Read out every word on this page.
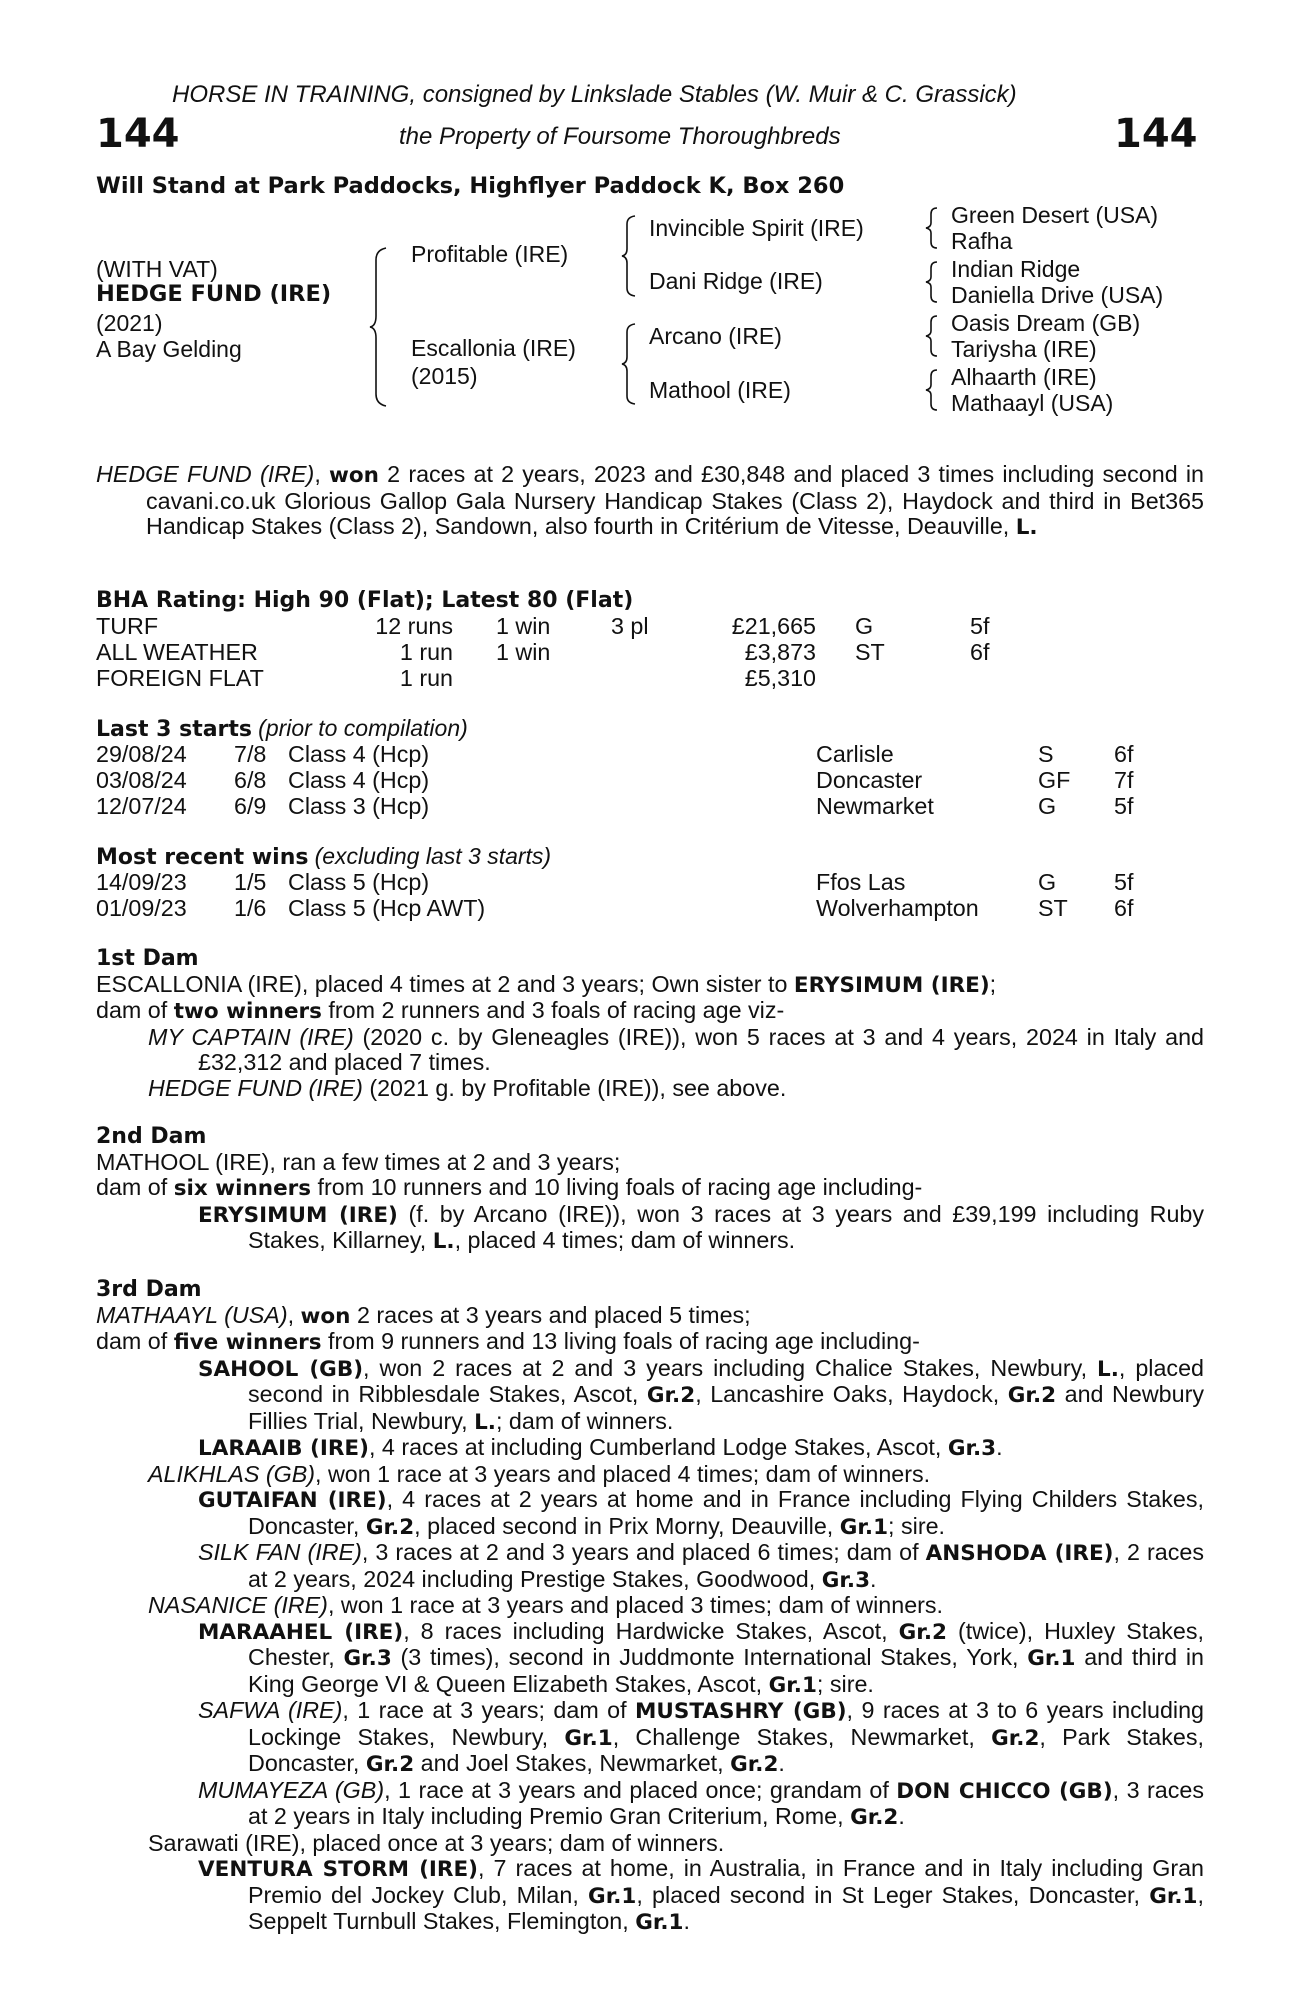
HORSE IN TRAINING, consigned by Linkslade Stables (W. Muir & C. Grassick)
144	the Property of Foursome Thoroughbreds	144
Will Stand at Park Paddocks, Highflyer Paddock K, Box 260
(WITH VAT)
HEDGE FUND (IRE)
(2021)
A Bay Gelding
Profitable (IRE)
Escallonia (IRE)
(2015)
Invincible Spirit (IRE)
Dani Ridge (IRE)
Arcano (IRE)
Mathool (IRE)
Green Desert (USA)
Rafha
Indian Ridge
Daniella Drive (USA)
Oasis Dream (GB)
Tariysha (IRE)
Alhaarth (IRE)
Mathaayl (USA)

HEDGE FUND (IRE), won 2 races at 2 years, 2023 and £30,848 and placed 3 times including second in cavani.co.uk Glorious Gallop Gala Nursery Handicap Stakes (Class 2), Haydock and third in Bet365 Handicap Stakes (Class 2), Sandown, also fourth in Critérium de Vitesse, Deauville, L.

BHA Rating: High 90 (Flat); Latest 80 (Flat)
TURF	12 runs 1 win	3 pl	£21,665 G	5f
ALL WEATHER	1 run 1 win	£3,873 ST	6f
FOREIGN FLAT	1 run	£5,310
Last 3 starts (prior to compilation)
29/08/24 7/8 Class 4 (Hcp)	Carlisle	S	6f
03/08/24 6/8 Class 4 (Hcp)	Doncaster	GF 7f
12/07/24 6/9 Class 3 (Hcp)	Newmarket	G 5f
Most recent wins (excluding last 3 starts)
14/09/23 1/5 Class 5 (Hcp)	Ffos Las	G 5f
01/09/23 1/6 Class 5 (Hcp AWT)	Wolverhampton	ST 6f

1st Dam

ESCALLONIA (IRE), placed 4 times at 2 and 3 years; Own sister to ERYSIMUM (IRE);

dam of two winners from 2 runners and 3 foals of racing age viz-

MY CAPTAIN (IRE) (2020 c. by Gleneagles (IRE)), won 5 races at 3 and 4 years, 2024 in Italy and £32,312 and placed 7 times.

HEDGE FUND (IRE) (2021 g. by Profitable (IRE)), see above.

2nd Dam

MATHOOL (IRE), ran a few times at 2 and 3 years;

dam of six winners from 10 runners and 10 living foals of racing age including-

ERYSIMUM (IRE) (f. by Arcano (IRE)), won 3 races at 3 years and £39,199 including Ruby Stakes, Killarney, L., placed 4 times; dam of winners.

3rd Dam

MATHAAYL (USA), won 2 races at 3 years and placed 5 times;

dam of five winners from 9 runners and 13 living foals of racing age including-

SAHOOL (GB), won 2 races at 2 and 3 years including Chalice Stakes, Newbury, L., placed second in Ribblesdale Stakes, Ascot, Gr.2, Lancashire Oaks, Haydock, Gr.2 and Newbury Fillies Trial, Newbury, L.; dam of winners.

LARAAIB (IRE), 4 races at including Cumberland Lodge Stakes, Ascot, Gr.3.

ALIKHLAS (GB), won 1 race at 3 years and placed 4 times; dam of winners.

GUTAIFAN (IRE), 4 races at 2 years at home and in France including Flying Childers Stakes, Doncaster, Gr.2, placed second in Prix Morny, Deauville, Gr.1; sire.

SILK FAN (IRE), 3 races at 2 and 3 years and placed 6 times; dam of ANSHODA (IRE), 2 races at 2 years, 2024 including Prestige Stakes, Goodwood, Gr.3.

NASANICE (IRE), won 1 race at 3 years and placed 3 times; dam of winners.

MARAAHEL (IRE), 8 races including Hardwicke Stakes, Ascot, Gr.2 (twice), Huxley Stakes, Chester, Gr.3 (3 times), second in Juddmonte International Stakes, York, Gr.1 and third in King George VI & Queen Elizabeth Stakes, Ascot, Gr.1; sire.

SAFWA (IRE), 1 race at 3 years; dam of MUSTASHRY (GB), 9 races at 3 to 6 years including Lockinge Stakes, Newbury, Gr.1, Challenge Stakes, Newmarket, Gr.2, Park Stakes, Doncaster, Gr.2 and Joel Stakes, Newmarket, Gr.2.

MUMAYEZA (GB), 1 race at 3 years and placed once; grandam of DON CHICCO (GB), 3 races at 2 years in Italy including Premio Gran Criterium, Rome, Gr.2.

Sarawati (IRE), placed once at 3 years; dam of winners.

VENTURA STORM (IRE), 7 races at home, in Australia, in France and in Italy including Gran Premio del Jockey Club, Milan, Gr.1, placed second in St Leger Stakes, Doncaster, Gr.1, Seppelt Turnbull Stakes, Flemington, Gr.1.
